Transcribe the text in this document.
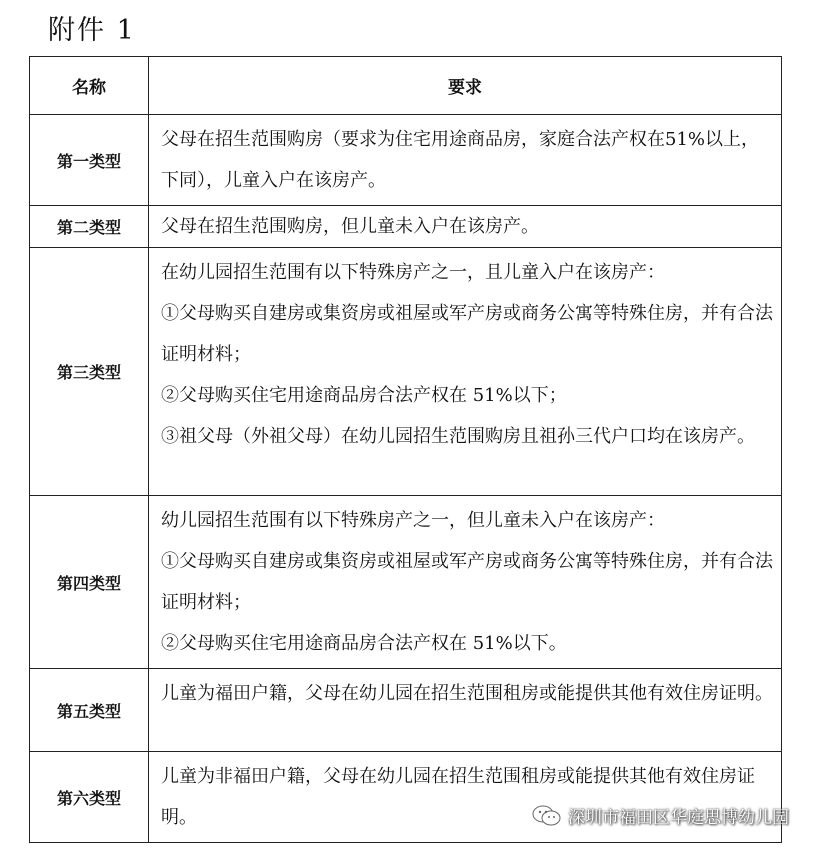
附件 1
名称	要求
第一类型	父母在招生范围购房（要求为住宅用途商品房，家庭合法产权在51%以上，下同），儿童入户在该房产。

第二类型	父母在招生范围购房，但儿童未入户在该房产。

第三类型	在幼儿园招生范围有以下特殊房产之一，且儿童入户在该房产：
①父母购买自建房或集资房或祖屋或军产房或商务公寓等特殊住房，并有合法证明材料；
②父母购买住宅用途商品房合法产权在 51%以下；
③祖父母（外祖父母）在幼儿园招生范围购房且祖孙三代户口均在该房产。

第四类型	幼儿园招生范围有以下特殊房产之一，但儿童未入户在该房产：
①父母购买自建房或集资房或祖屋或军产房或商务公寓等特殊住房，并有合法证明材料；
②父母购买住宅用途商品房合法产权在 51%以下。

第五类型	儿童为福田户籍，父母在幼儿园在招生范围租房或能提供其他有效住房证明。

第六类型	儿童为非福田户籍，父母在幼儿园在招生范围租房或能提供其他有效住房证明。	深圳市福田区华庭思博幼儿园
